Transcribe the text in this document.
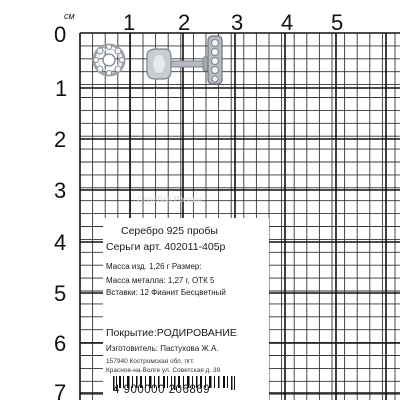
см 1 2 3 4 5
0
1
2
3
4
5
6
7
Серебро России
Серебро 925 пробы
Серьги арт. 402011-405р
Масса изд. 1,26 г Размер:
Масса металла: 1,27 г, ОТК 5
Вставки: 12 Фианит Бесцветный
Покрытие:РОДИРОВАНИЕ
Изготовитель: Пастухова Ж.А.
157940 Костромская обл. пгт.
Красное-на-Волге ул. Советская д. 39
4 900000 206869
